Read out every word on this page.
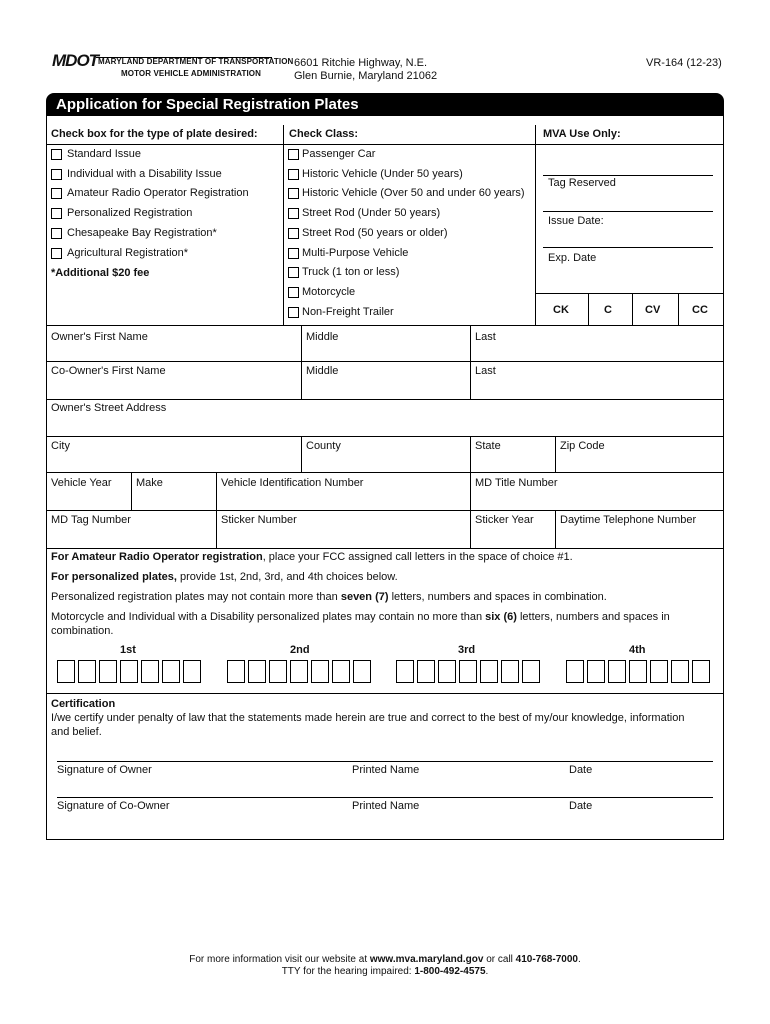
MDOT MARYLAND DEPARTMENT OF TRANSPORTATION
MOTOR VEHICLE ADMINISTRATION
6601 Ritchie Highway, N.E.
Glen Burnie, Maryland 21062
VR-164 (12-23)
Application for Special Registration Plates
Check box for the type of plate desired:
Standard Issue
Individual with a Disability Issue
Amateur Radio Operator Registration
Personalized Registration
Chesapeake Bay Registration*
Agricultural Registration*
*Additional $20 fee
Check Class:
Passenger Car
Historic Vehicle (Under 50 years)
Historic Vehicle (Over 50 and under 60 years)
Street Rod (Under 50 years)
Street Rod (50 years or older)
Multi-Purpose Vehicle
Truck (1 ton or less)
Motorcycle
Non-Freight Trailer
MVA Use Only:
Tag Reserved
Issue Date:
Exp. Date
CK	C	CV	CC
Owner's First Name	Middle	Last
Co-Owner's First Name	Middle	Last
Owner's Street Address
City	County	State	Zip Code
Vehicle Year Make	Vehicle Identification Number	MD Title Number
MD Tag Number	Sticker Number	Sticker Year Daytime Telephone Number
For Amateur Radio Operator registration, place your FCC assigned call letters in the space of choice #1.
For personalized plates, provide 1st, 2nd, 3rd, and 4th choices below.
Personalized registration plates may not contain more than seven (7) letters, numbers and spaces in combination.
Motorcycle and Individual with a Disability personalized plates may contain no more than six (6) letters, numbers and spaces in
combination.
1st	2nd	3rd	4th
Certification
I/we certify under penalty of law that the statements made herein are true and correct to the best of my/our knowledge, information
and belief.
Signature of Owner	Printed Name	Date
Signature of Co-Owner	Printed Name	Date
For more information visit our website at www.mva.maryland.gov or call 410-768-7000.
TTY for the hearing impaired: 1-800-492-4575.
